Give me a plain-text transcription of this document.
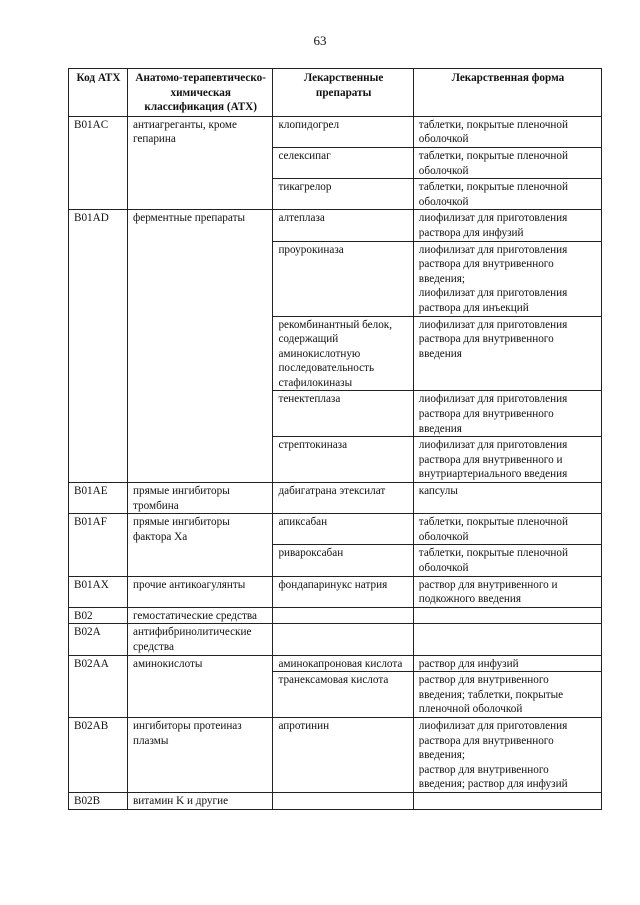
63
Код АТХ	Анатомо-терапевтическо-химическая классификация (АТХ)	Лекарственные препараты	Лекарственная форма
B01AC	антиагреганты, кроме гепарина	клопидогрел	таблетки, покрытые пленочной оболочкой
		селексипаг	таблетки, покрытые пленочной оболочкой
		тикагрелор	таблетки, покрытые пленочной оболочкой
B01AD	ферментные препараты	алтеплаза	лиофилизат для приготовления раствора для инфузий
		проурокиназа	лиофилизат для приготовления раствора для внутривенного введения;
лиофилизат для приготовления раствора для инъекций
		рекомбинантный белок, содержащий аминокислотную последовательность стафилокиназы	лиофилизат для приготовления раствора для внутривенного введения
		тенектеплаза	лиофилизат для приготовления раствора для внутривенного введения
		стрептокиназа	лиофилизат для приготовления раствора для внутривенного и внутриартериального введения
B01AE	прямые ингибиторы тромбина	дабигатрана этексилат	капсулы
B01AF	прямые ингибиторы фактора Xa	апиксабан	таблетки, покрытые пленочной оболочкой
		ривароксабан	таблетки, покрытые пленочной оболочкой
B01AX	прочие антикоагулянты	фондапаринукс натрия	раствор для внутривенного и подкожного введения
B02	гемостатические средства		
B02A	антифибринолитические средства		
B02AA	аминокислоты	аминокапроновая кислота	раствор для инфузий
		транексамовая кислота	раствор для внутривенного введения; таблетки, покрытые пленочной оболочкой
B02AB	ингибиторы протеиназ плазмы	апротинин	лиофилизат для приготовления раствора для внутривенного введения;
раствор для внутривенного введения; раствор для инфузий
B02B	витамин K и другие		
